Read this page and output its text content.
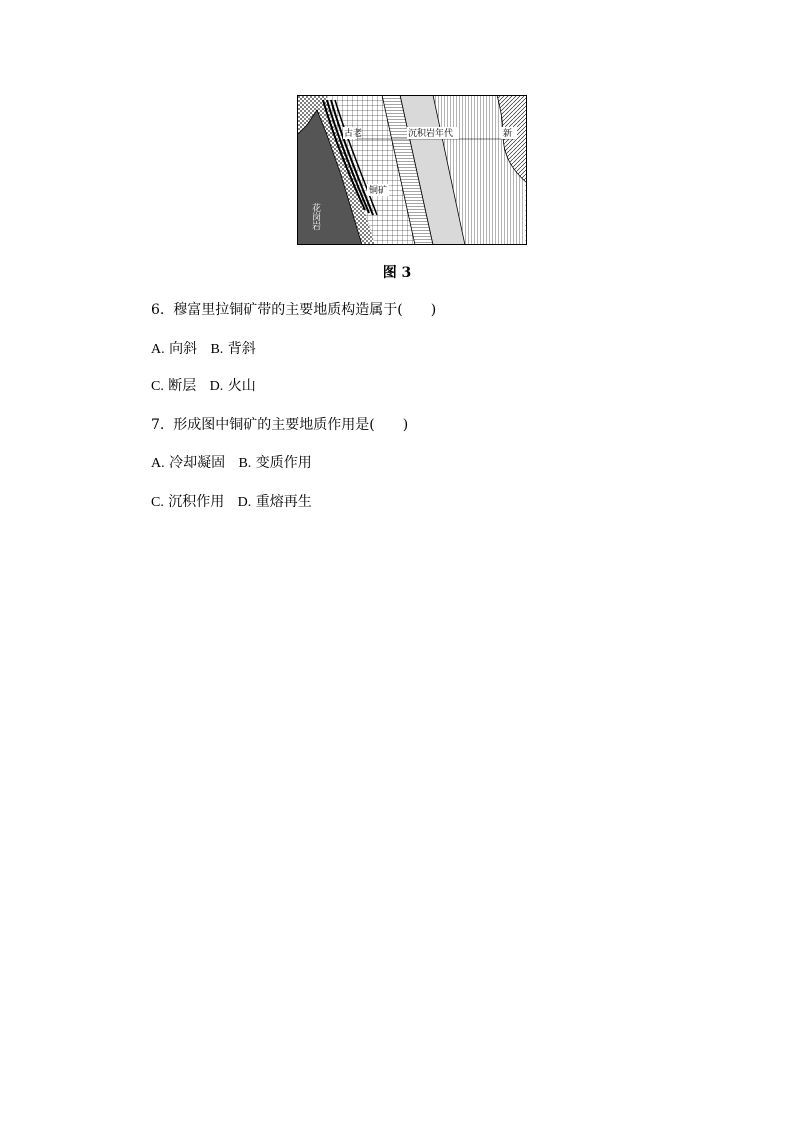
古老	沉积岩年代	新
铜矿
花岗岩
图 3
6. 穆富里拉铜矿带的主要地质构造属于(　　)
A. 向斜 B. 背斜
C. 断层 D. 火山
7. 形成图中铜矿的主要地质作用是(　　)
A. 冷却凝固 B. 变质作用
C. 沉积作用 D. 重熔再生
